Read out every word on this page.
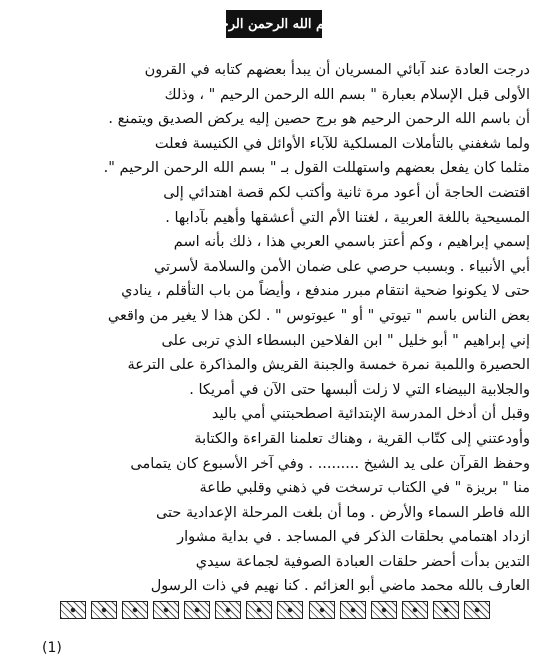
بسم الله الرحمن الرحيم
درجت العادة عند آبائي المسريان أن يبدأ بعضهم كتابه في القرون
الأولى قبل الإسلام بعبارة " بسم الله الرحمن الرحيم " ، وذلك
أن باسم الله الرحمن الرحيم هو برج حصين إليه يركض الصديق ويتمنع .
ولما شغفني بالتأملات المسلكية للآباء الأوائل في الكنيسة فعلت
مثلما كان يفعل بعضهم واستهللت القول بـ " بسم الله الرحمن الرحيم ".
اقتضت الحاجة أن أعود مرة ثانية وأكتب لكم قصة اهتدائي إلى
المسيحية باللغة العربية ، لغتنا الأم التي أعشقها وأهيم بآدابها .
إسمي إبراهيم ، وكم أعتز باسمي العربي هذا ، ذلك بأنه اسم
أبي الأنبياء . وبسبب حرصي على ضمان الأمن والسلامة لأسرتي
حتى لا يكونوا ضحية انتقام مبرر مندفع ، وأيضاً من باب التأقلم ، ينادي
بعض الناس باسم " تيوتي " أو " عيوتوس " . لكن هذا لا يغير من واقعي
إني إبراهيم " أبو خليل " ابن الفلاحين البسطاء الذي تربى على
الحصيرة واللمبة نمرة خمسة والجبنة القريش والمذاكرة على الترعة
والجلابية البيضاء التي لا زلت ألبسها حتى الآن في أمريكا .
وقبل أن أدخل المدرسة الإبتدائية اصطحبتني أمي باليد
وأودعتني إلى كتّاب القرية ، وهناك تعلمنا القراءة والكتابة
وحفظ القرآن على يد الشيخ ......... . وفي آخر الأسبوع كان يتمامى
منا " بريزة " في الكتاب ترسخت في ذهني وقلبي طاعة
الله فاطر السماء والأرض . وما أن بلغت المرحلة الإعدادية حتى
ازداد اهتمامي بحلقات الذكر في المساجد . في بداية مشوار
التدين بدأت أحضر حلقات العبادة الصوفية لجماعة سيدي
العارف بالله محمد ماضي أبو العزائم . كنا نهيم في ذات الرسول
(1)
